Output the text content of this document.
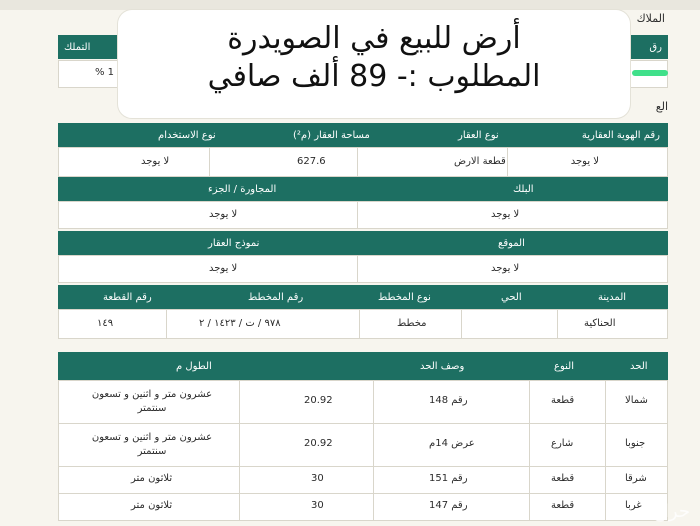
الملاك
رق
التملك
% 1
الع
رقم الهوية العقارية
نوع العقار
مساحة العقار (م²)
نوع الاستخدام
لا يوجد
قطعة الارض
627.6
لا يوجد
البلك
المجاورة / الجزء
لا يوجد
لا يوجد
الموقع
نموذج العقار
لا يوجد
لا يوجد
المدينة
الحي
نوع المخطط
رقم المخطط
رقم القطعة
الحناكية
مخطط
٩٧٨ / ت / ١٤٢٣ / ٢
١٤٩
الحد
النوع
وصف الحد
الطول م
شمالا
قطعة
رقم 148
20.92
عشرون متر و اثنين و تسعون سنتمتر
جنوبا
شارع
عرض 14م
20.92
عشرون متر و اثنين و تسعون سنتمتر
شرقا
قطعة
رقم 151
30
ثلاثون متر
غربا
قطعة
رقم 147
30
ثلاثون متر
أرض للبيع في الصويدرة
المطلوب :- 89 ألف صافي
حراج
